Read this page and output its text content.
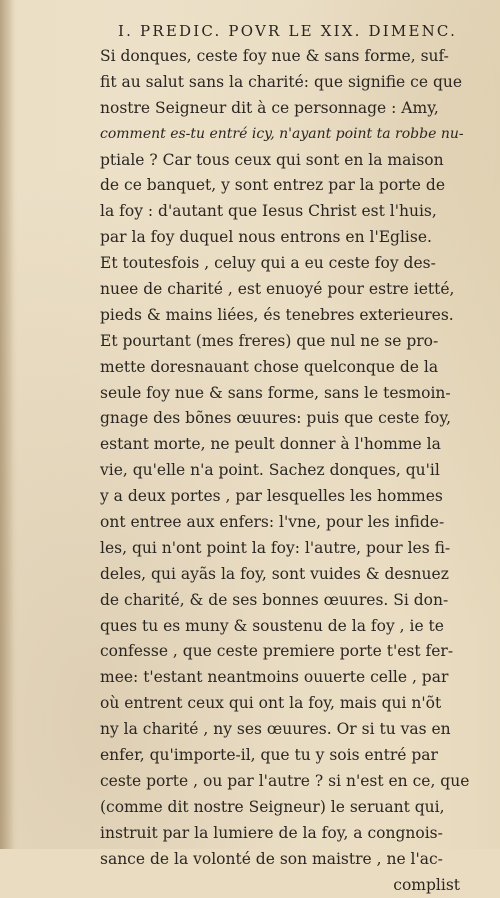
I. PREDIC. POVR LE XIX. DIMENC.
Si donques, ceste foy nue & sans forme, suf-
fit au salut sans la charité: que signifie ce que
nostre Seigneur dit à ce personnage : Amy,
comment es-tu entré icy, n'ayant point ta robbe nu-
ptiale ? Car tous ceux qui sont en la maison
de ce banquet, y sont entrez par la porte de
la foy : d'autant que Iesus Christ est l'huis,
par la foy duquel nous entrons en l'Eglise.
Et toutesfois , celuy qui a eu ceste foy des-
nuee de charité , est enuoyé pour estre ietté,
pieds & mains liées, és tenebres exterieures.
Et pourtant (mes freres) que nul ne se pro-
mette doresnauant chose quelconque de la
seule foy nue & sans forme, sans le tesmoin-
gnage des bõnes œuures: puis que ceste foy,
estant morte, ne peult donner à l'homme la
vie, qu'elle n'a point. Sachez donques, qu'il
y a deux portes , par lesquelles les hommes
ont entree aux enfers: l'vne, pour les infide-
les, qui n'ont point la foy: l'autre, pour les fi-
deles, qui ayãs la foy, sont vuides & desnuez
de charité, & de ses bonnes œuures. Si don-
ques tu es muny & soustenu de la foy , ie te
confesse , que ceste premiere porte t'est fer-
mee: t'estant neantmoins ouuerte celle , par
où entrent ceux qui ont la foy, mais qui n'õt
ny la charité , ny ses œuures. Or si tu vas en
enfer, qu'importe-il, que tu y sois entré par
ceste porte , ou par l'autre ? si n'est en ce, que
(comme dit nostre Seigneur) le seruant qui,
instruit par la lumiere de la foy, a congnois-
sance de la volonté de son maistre , ne l'ac-
complist
